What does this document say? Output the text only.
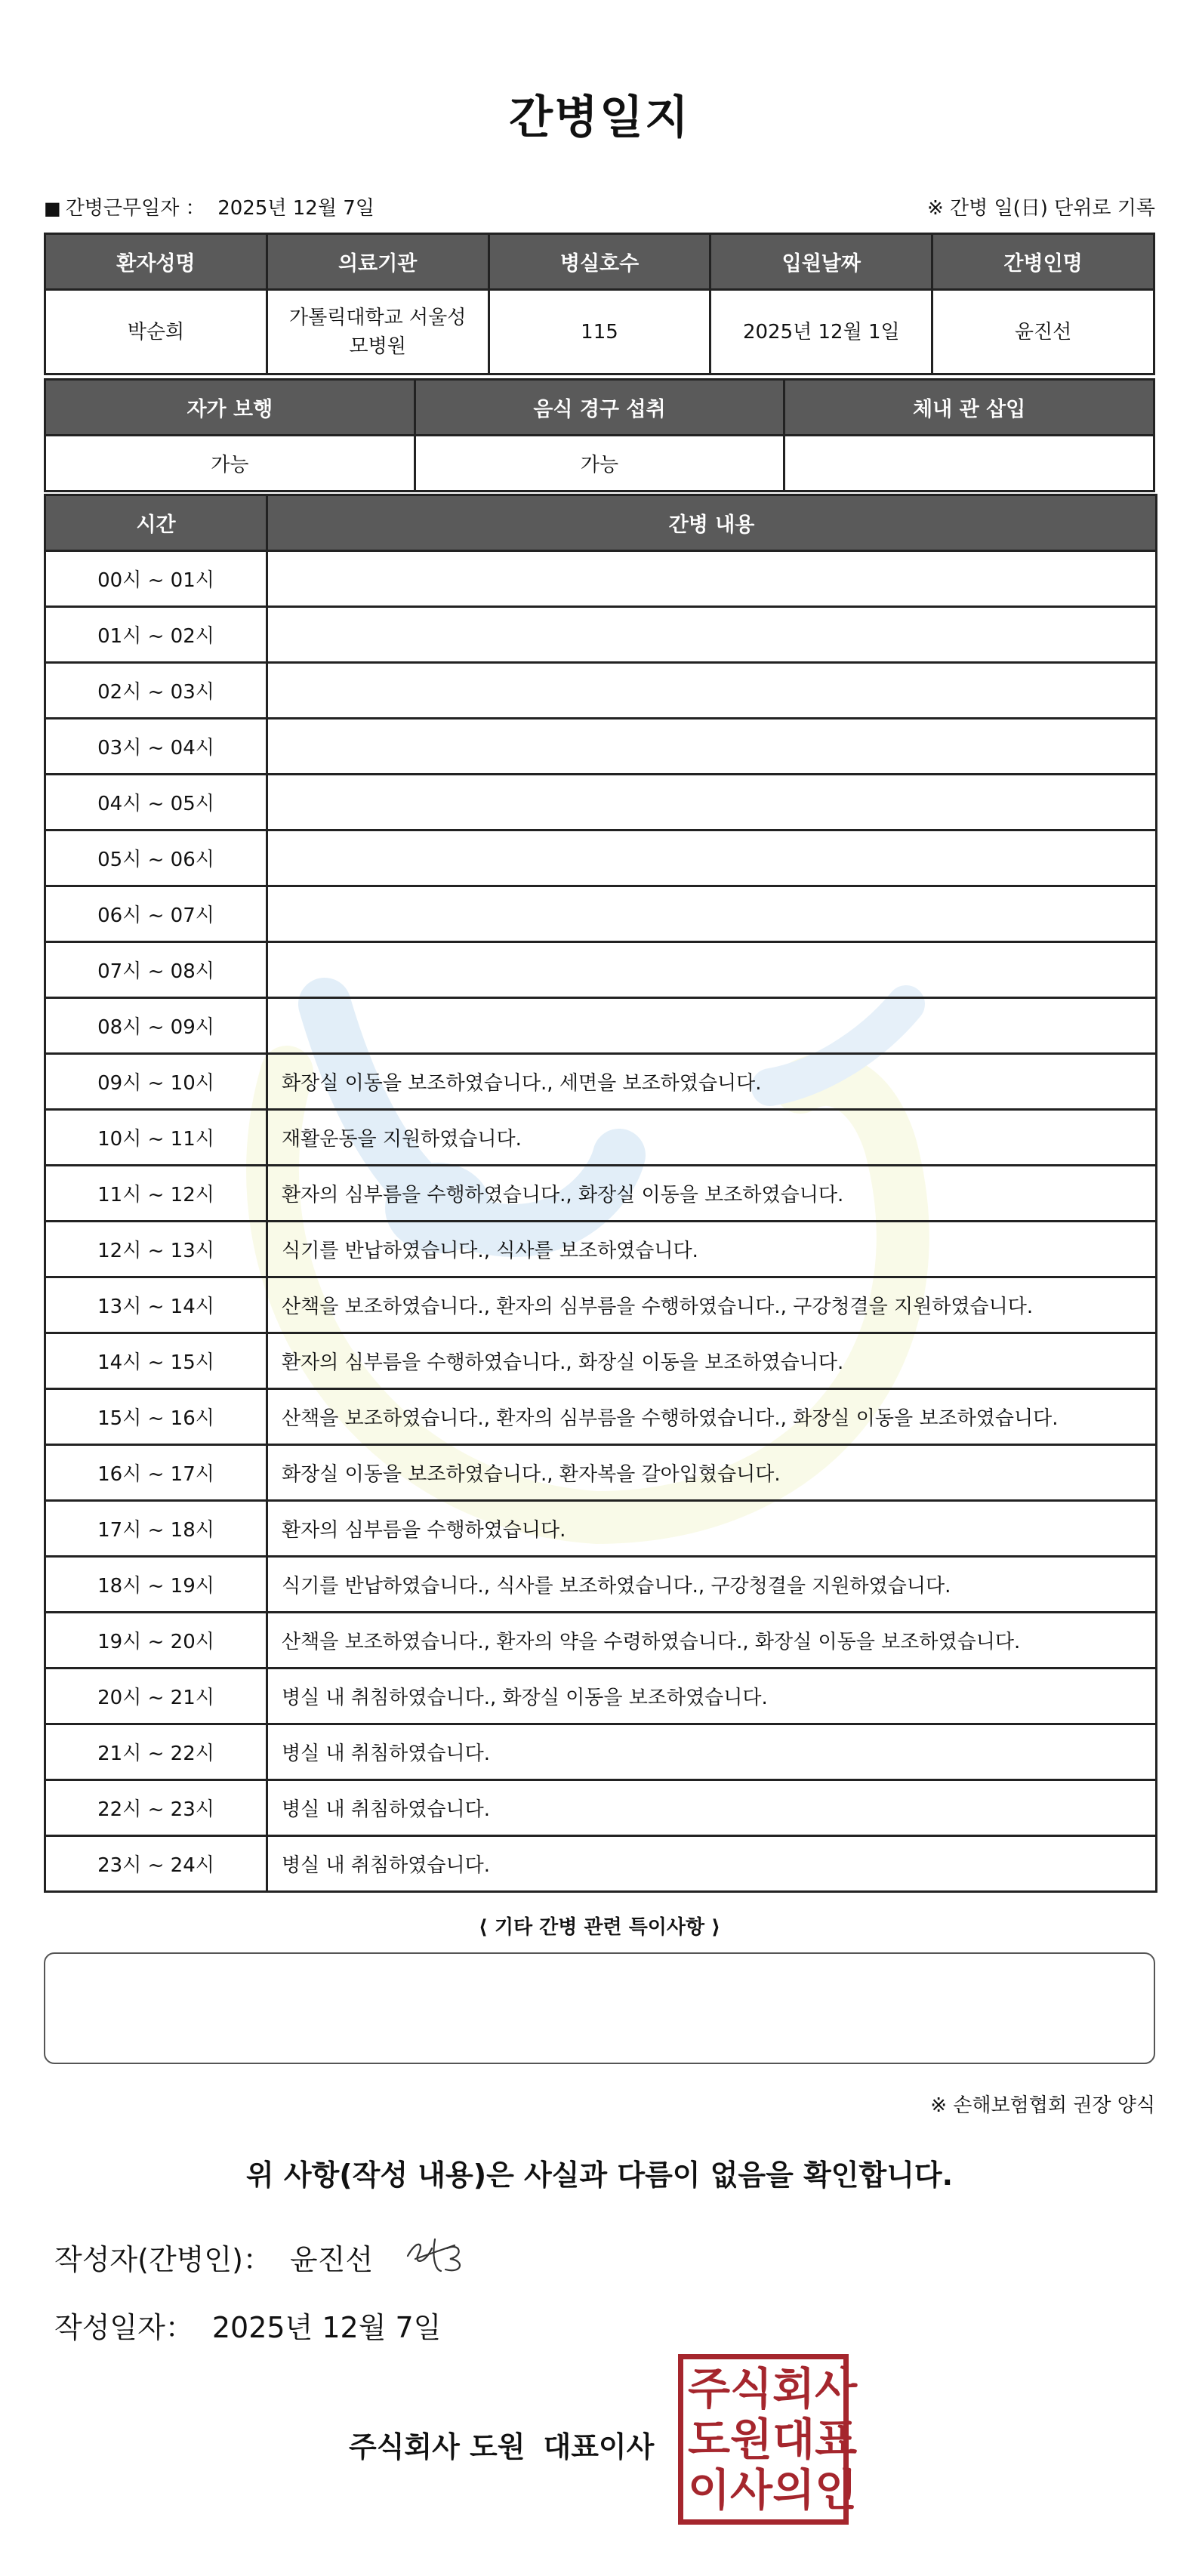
간병일지
■ 간병근무일자 ： 2025년 12월 7일	※ 간병 일(日) 단위로 기록
환자성명	의료기관	병실호수	입원날짜	간병인명
박순희	가톨릭대학교 서울성모병원	115	2025년 12월 1일	윤진선
자가 보행	음식 경구 섭취	체내 관 삽입
가능	가능	
시간	간병 내용
00시 ~ 01시	
01시 ~ 02시	
02시 ~ 03시	
03시 ~ 04시	
04시 ~ 05시	
05시 ~ 06시	
06시 ~ 07시	
07시 ~ 08시	
08시 ~ 09시	
09시 ~ 10시	화장실 이동을 보조하였습니다., 세면을 보조하였습니다.
10시 ~ 11시	재활운동을 지원하였습니다.
11시 ~ 12시	환자의 심부름을 수행하였습니다., 화장실 이동을 보조하였습니다.
12시 ~ 13시	식기를 반납하였습니다., 식사를 보조하였습니다.
13시 ~ 14시	산책을 보조하였습니다., 환자의 심부름을 수행하였습니다., 구강청결을 지원하였습니다.
14시 ~ 15시	환자의 심부름을 수행하였습니다., 화장실 이동을 보조하였습니다.
15시 ~ 16시	산책을 보조하였습니다., 환자의 심부름을 수행하였습니다., 화장실 이동을 보조하였습니다.
16시 ~ 17시	화장실 이동을 보조하였습니다., 환자복을 갈아입혔습니다.
17시 ~ 18시	환자의 심부름을 수행하였습니다.
18시 ~ 19시	식기를 반납하였습니다., 식사를 보조하였습니다., 구강청결을 지원하였습니다.
19시 ~ 20시	산책을 보조하였습니다., 환자의 약을 수령하였습니다., 화장실 이동을 보조하였습니다.
20시 ~ 21시	병실 내 취침하였습니다., 화장실 이동을 보조하였습니다.
21시 ~ 22시	병실 내 취침하였습니다.
22시 ~ 23시	병실 내 취침하였습니다.
23시 ~ 24시	병실 내 취침하였습니다.
⟨ 기타 간병 관련 특이사항 ⟩
※ 손해보험협회 권장 양식
위 사항(작성 내용)은 사실과 다름이 없음을 확인합니다.
작성자(간병인)： 윤진선
작성일자： 2025년 12월 7일
주식회사 도원 대표이사
주 식 회 사
도 원 대 표
이 사 의 인
